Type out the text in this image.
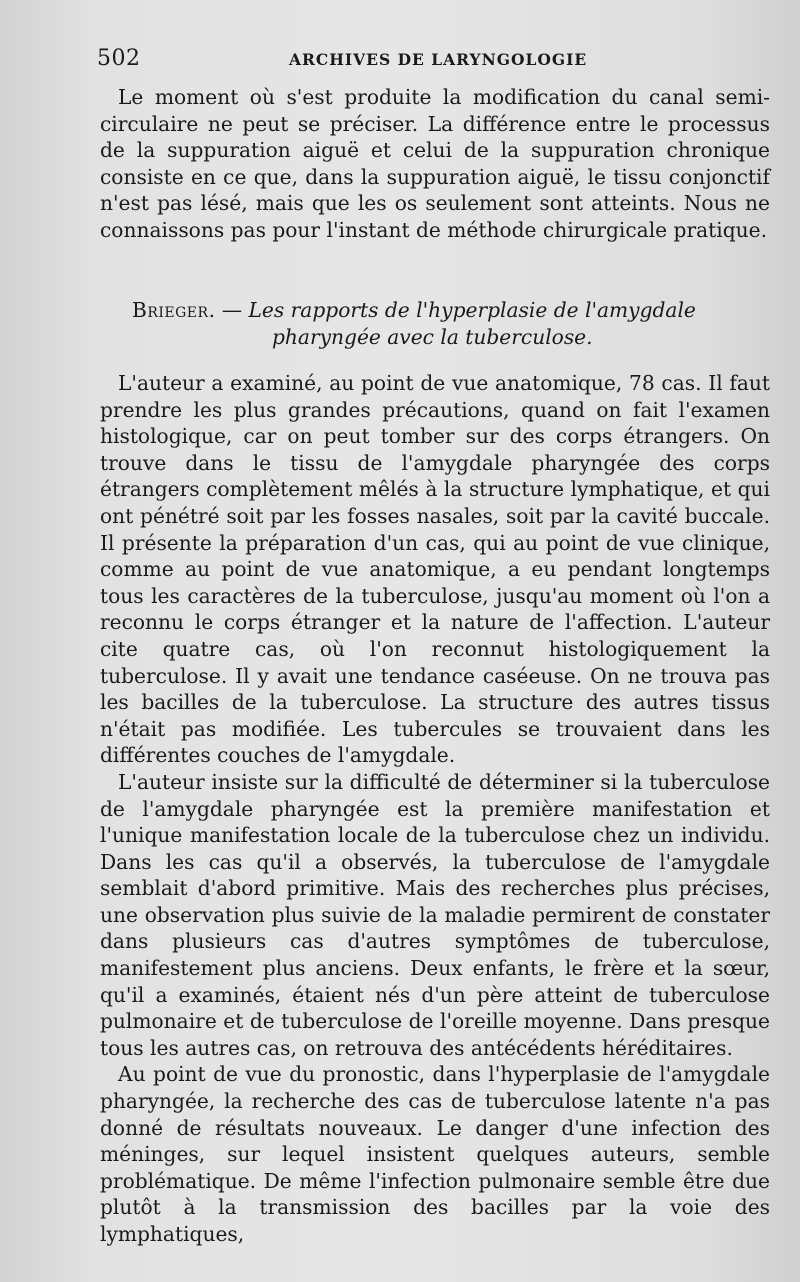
502	ARCHIVES DE LARYNGOLOGIE

Le moment où s'est produite la modification du canal semi-circulaire ne peut se préciser. La différence entre le processus de la suppuration aiguë et celui de la suppuration chronique consiste en ce que, dans la suppuration aiguë, le tissu conjonctif n'est pas lésé, mais que les os seulement sont atteints. Nous ne connaissons pas pour l'instant de méthode chirurgicale pratique.

Brieger. — Les rapports de l'hyperplasie de l'amygdale
pharyngée avec la tuberculose.

L'auteur a examiné, au point de vue anatomique, 78 cas. Il faut prendre les plus grandes précautions, quand on fait l'examen histologique, car on peut tomber sur des corps étrangers. On trouve dans le tissu de l'amygdale pharyngée des corps étrangers complètement mêlés à la structure lymphatique, et qui ont pénétré soit par les fosses nasales, soit par la cavité buccale. Il présente la préparation d'un cas, qui au point de vue clinique, comme au point de vue anatomique, a eu pendant longtemps tous les caractères de la tuberculose, jusqu'au moment où l'on a reconnu le corps étranger et la nature de l'affection. L'auteur cite quatre cas, où l'on reconnut histologiquement la tuberculose. Il y avait une tendance caséeuse. On ne trouva pas les bacilles de la tuberculose. La structure des autres tissus n'était pas modifiée. Les tubercules se trouvaient dans les différentes couches de l'amygdale.

L'auteur insiste sur la difficulté de déterminer si la tuberculose de l'amygdale pharyngée est la première manifestation et l'unique manifestation locale de la tuberculose chez un individu. Dans les cas qu'il a observés, la tuberculose de l'amygdale semblait d'abord primitive. Mais des recherches plus précises, une observation plus suivie de la maladie permirent de constater dans plusieurs cas d'autres symptômes de tuberculose, manifestement plus anciens. Deux enfants, le frère et la sœur, qu'il a examinés, étaient nés d'un père atteint de tuberculose pulmonaire et de tuberculose de l'oreille moyenne. Dans presque tous les autres cas, on retrouva des antécédents héréditaires.

Au point de vue du pronostic, dans l'hyperplasie de l'amygdale pharyngée, la recherche des cas de tuberculose latente n'a pas donné de résultats nouveaux. Le danger d'une infection des méninges, sur lequel insistent quelques auteurs, semble problématique. De même l'infection pulmonaire semble être due plutôt à la transmission des bacilles par la voie des lymphatiques,
